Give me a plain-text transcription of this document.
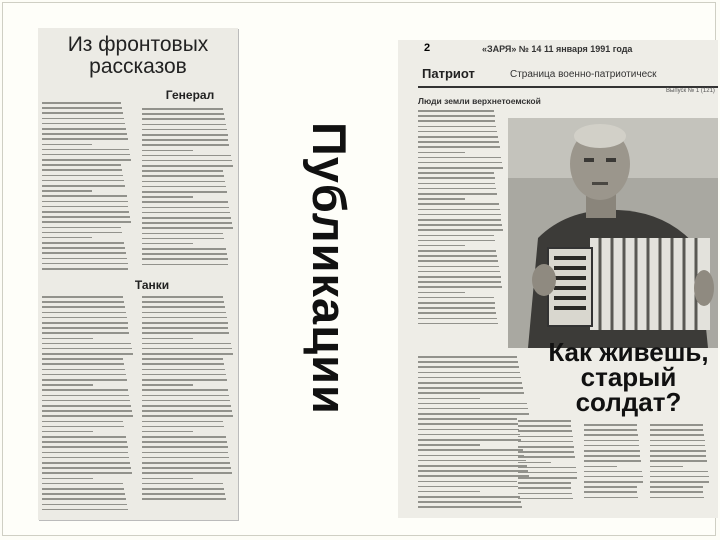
Из фронтовых рассказов
Генерал
Танки	Публикации
2	«ЗАРЯ» № 14 11 января 1991 года
Патриот	Страница военно-патриотическ
Выпуск № 1 (121)
Люди земли верхнетоемской
Как живешь, старый солдат?
